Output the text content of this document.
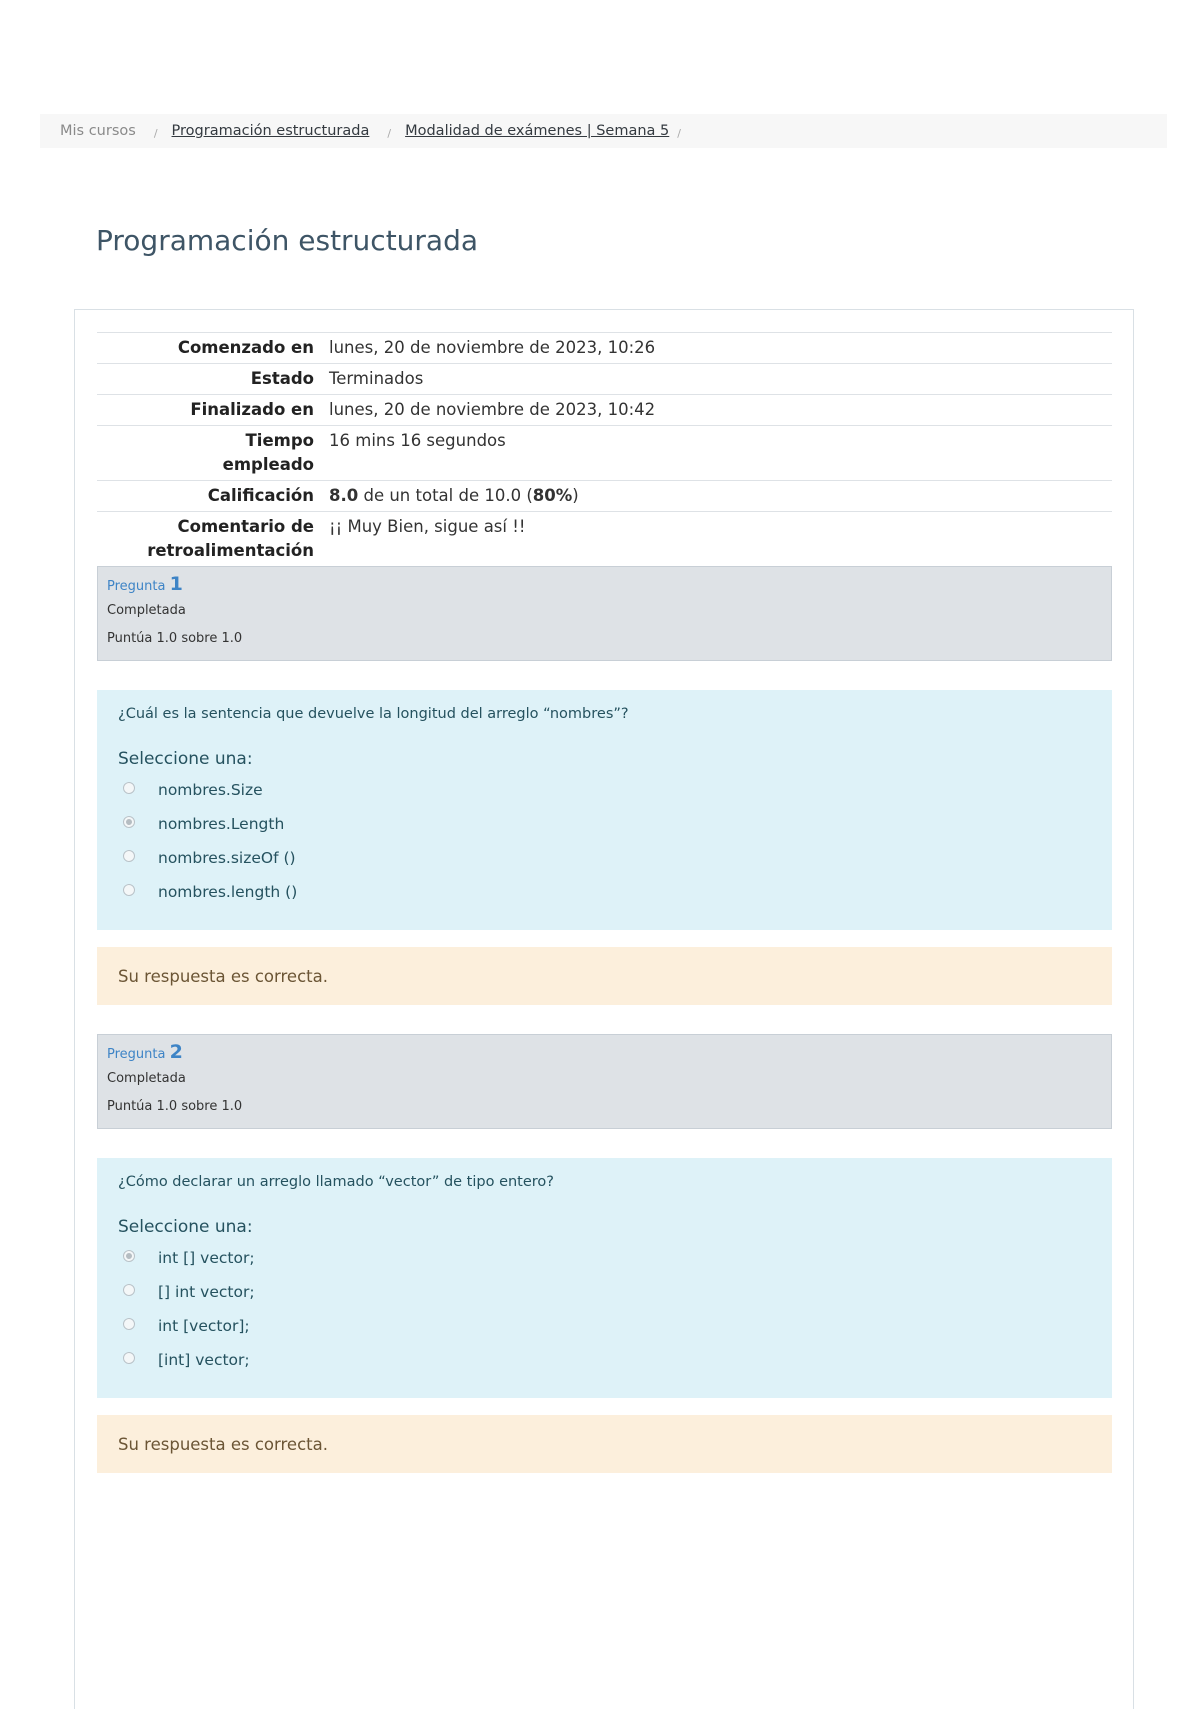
Mis cursos / Programación estructurada / Modalidad de exámenes | Semana 5 /
Programación estructurada
Comenzado en	lunes, 20 de noviembre de 2023, 10:26
Estado	Terminados
Finalizado en	lunes, 20 de noviembre de 2023, 10:42
Tiempo empleado	16 mins 16 segundos
Calificación	8.0 de un total de 10.0 (80%)
Comentario de retroalimentación	¡¡ Muy Bien, sigue así !!
Pregunta 1
Completada
Puntúa 1.0 sobre 1.0
¿Cuál es la sentencia que devuelve la longitud del arreglo “nombres”?
Seleccione una:
nombres.Size
nombres.Length
nombres.sizeOf ()
nombres.length ()
Su respuesta es correcta.
Pregunta 2
Completada
Puntúa 1.0 sobre 1.0
¿Cómo declarar un arreglo llamado “vector” de tipo entero?
Seleccione una:
int [] vector;
[] int vector;
int [vector];
[int] vector;
Su respuesta es correcta.
